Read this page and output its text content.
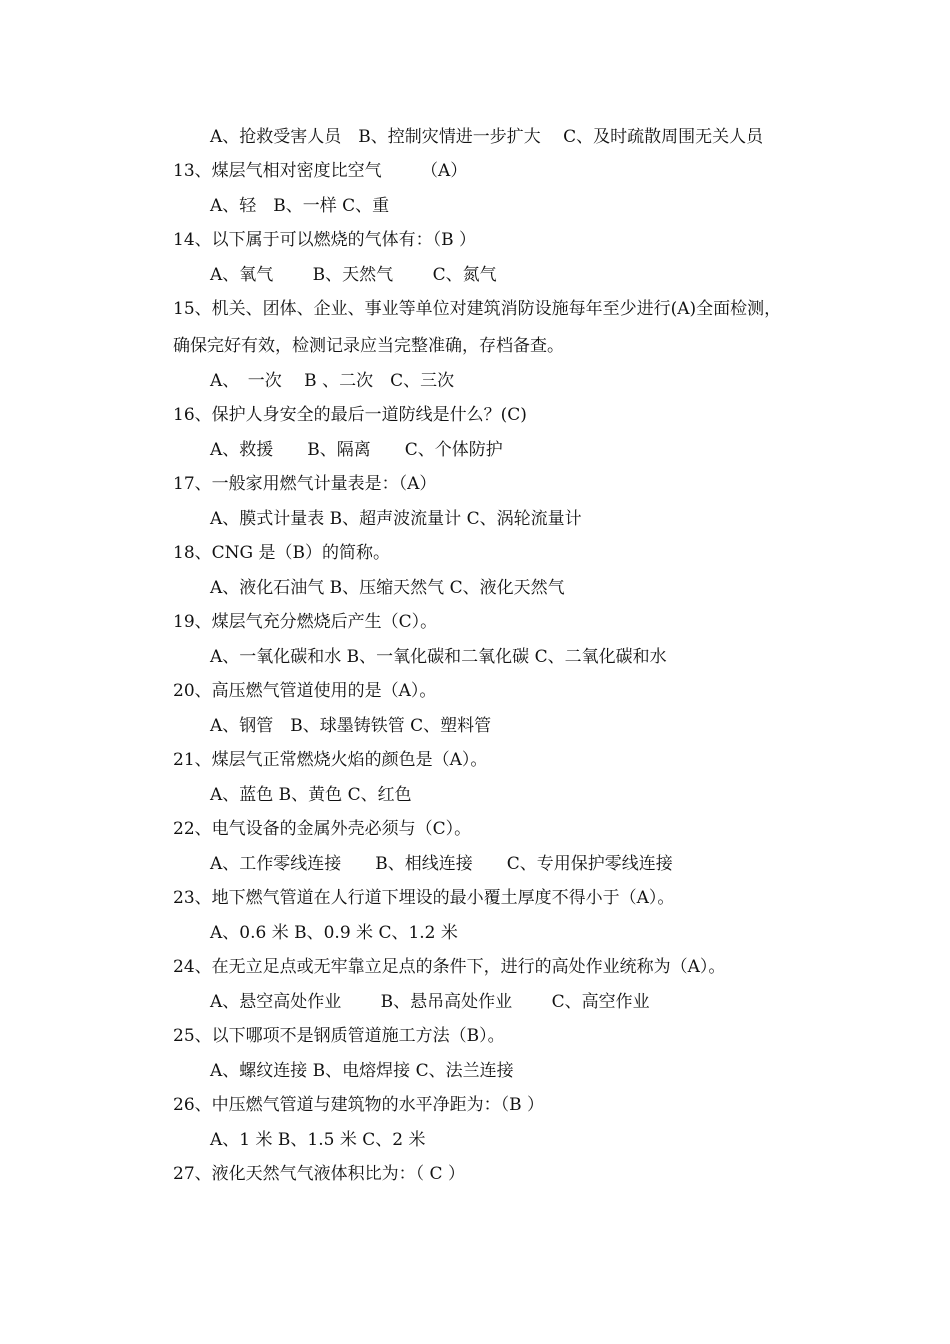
A、抢救受害人员　B、控制灾情进一步扩大　 C、及时疏散周围无关人员
13、煤层气相对密度比空气　　 （A）
A、轻　B、一样 C、重
14、以下属于可以燃烧的气体有：（B ）
A、氧气　　 B、天然气　　 C、氮气
15、机关、团体、企业、事业等单位对建筑消防设施每年至少进行(A)全面检测，
确保完好有效，检测记录应当完整准确，存档备查。
A、　一次　 B 、二次　C、三次
16、保护人身安全的最后一道防线是什么？(C)
A、救援　　B、隔离　　C、个体防护
17、一般家用燃气计量表是：（A）
A、膜式计量表 B、超声波流量计 C、涡轮流量计
18、CNG 是（B）的简称。
A、液化石油气 B、压缩天然气 C、液化天然气
19、煤层气充分燃烧后产生（C）。
A、一氧化碳和水 B、一氧化碳和二氧化碳 C、二氧化碳和水
20、高压燃气管道使用的是（A）。
A、钢管　B、球墨铸铁管 C、塑料管
21、煤层气正常燃烧火焰的颜色是（A）。
A、蓝色 B、黄色 C、红色
22、电气设备的金属外壳必须与（C）。
A、工作零线连接　　B、相线连接　　C、专用保护零线连接
23、地下燃气管道在人行道下埋设的最小覆土厚度不得小于（A）。
A、0.6 米 B、0.9 米 C、1.2 米
24、在无立足点或无牢靠立足点的条件下，进行的高处作业统称为（A）。
A、悬空高处作业　　 B、悬吊高处作业　　 C、高空作业
25、以下哪项不是钢质管道施工方法（B）。
A、螺纹连接 B、电熔焊接 C、法兰连接
26、中压燃气管道与建筑物的水平净距为：（B ）
A、1 米 B、1.5 米 C、2 米
27、液化天然气气液体积比为：（ C ）
